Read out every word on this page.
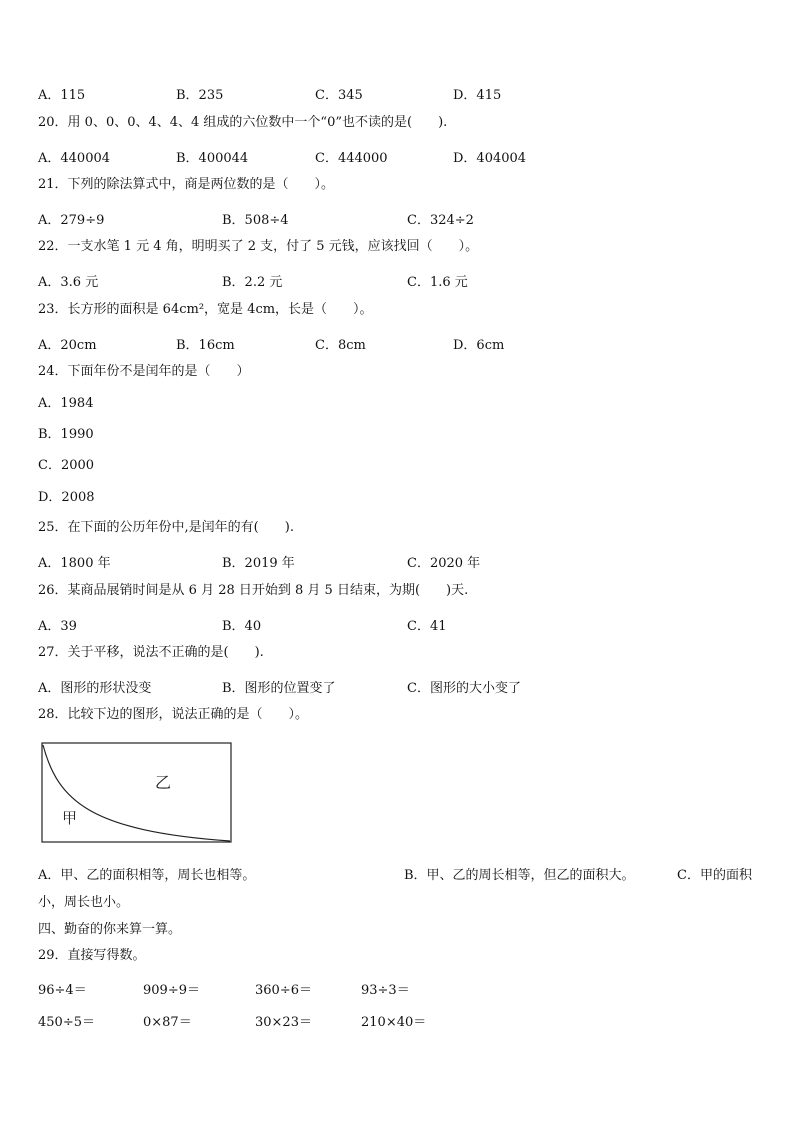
A．115	B．235	C．345	D．415
20．用 0、0、0、4、4、4 组成的六位数中一个“0”也不读的是(　　).
A．440004	B．400044	C．444000	D．404004
21．下列的除法算式中，商是两位数的是（　　）。
A．279÷9	B．508÷4	C．324÷2
22．一支水笔 1 元 4 角，明明买了 2 支，付了 5 元钱，应该找回（　　）。
A．3.6 元	B．2.2 元	C．1.6 元
23．长方形的面积是 64cm²，宽是 4cm，长是（　　）。
A．20cm	B．16cm	C．8cm	D．6cm
24．下面年份不是闰年的是（　　）
A．1984
B．1990
C．2000
D．2008
25．在下面的公历年份中,是闰年的有(　　).
A．1800 年	B．2019 年	C．2020 年
26．某商品展销时间是从 6 月 28 日开始到 8 月 5 日结束，为期(　　)天.
A．39	B．40	C．41
27．关于平移，说法不正确的是(　　).
A．图形的形状没变	B．图形的位置变了	C．图形的大小变了
28．比较下边的图形，说法正确的是（　　）。
乙
甲
A．甲、乙的面积相等，周长也相等。	B．甲、乙的周长相等，但乙的面积大。	C．甲的面积
小，周长也小。
四、勤奋的你来算一算。
29．直接写得数。
96÷4＝	909÷9＝	360÷6＝	93÷3＝
450÷5＝	0×87＝	30×23＝	210×40＝
